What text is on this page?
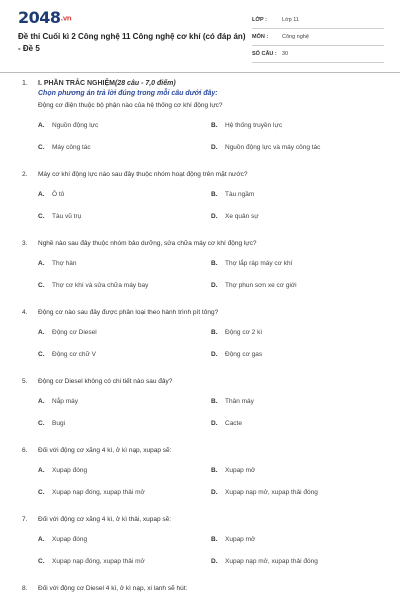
2048.vn
Đề thi Cuối kì 2 Công nghệ 11 Công nghệ cơ khí (có đáp án) - Đề 5
LỚP :	Lớp 11
MÔN :	Công nghệ
SỐ CÂU : 30
1. I. PHẦN TRẮC NGHIỆM(28 câu - 7,0 điểm)
Chọn phương án trả lời đúng trong mỗi câu dưới đây:
Động cơ điện thuộc bộ phận nào của hệ thống cơ khí động lực?
A. Nguồn động lực	B. Hệ thống truyền lực
C. Máy công tác	D. Nguồn động lực và máy công tác
2. Máy cơ khí động lực nào sau đây thuộc nhóm hoạt động trên mặt nước?
A. Ô tô	B. Tàu ngầm
C. Tàu vũ trụ	D. Xe quân sự
3. Nghề nào sau đây thuộc nhóm bảo dưỡng, sửa chữa máy cơ khí động lực?
A. Thợ hàn	B. Thợ lắp ráp máy cơ khí
C. Thợ cơ khí và sửa chữa máy bay	D. Thợ phun sơn xe cơ giới
4. Động cơ nào sau đây được phân loại theo hành trình pít tông?
A. Động cơ Diesel	B. Động cơ 2 kì
C. Động cơ chữ V	D. Động cơ gas
5. Động cơ Diesel không có chi tiết nào sau đây?
A. Nắp máy	B. Thân máy
C. Bugi	D. Cacte
6. Đối với động cơ xăng 4 kì, ở kì nạp, xupap sẽ:
A. Xupap đóng	B. Xupap mở
C. Xupap nạp đóng, xupap thải mở	D. Xupap nạp mở, xupap thải đóng
7. Đối với động cơ xăng 4 kì, ở kì thải, xupap sẽ:
A. Xupap đóng	B. Xupap mở
C. Xupap nạp đóng, xupap thải mở	D. Xupap nạp mở, xupap thải đóng
8. Đối với động cơ Diesel 4 kì, ở kì nạp, xi lanh sẽ hút:
